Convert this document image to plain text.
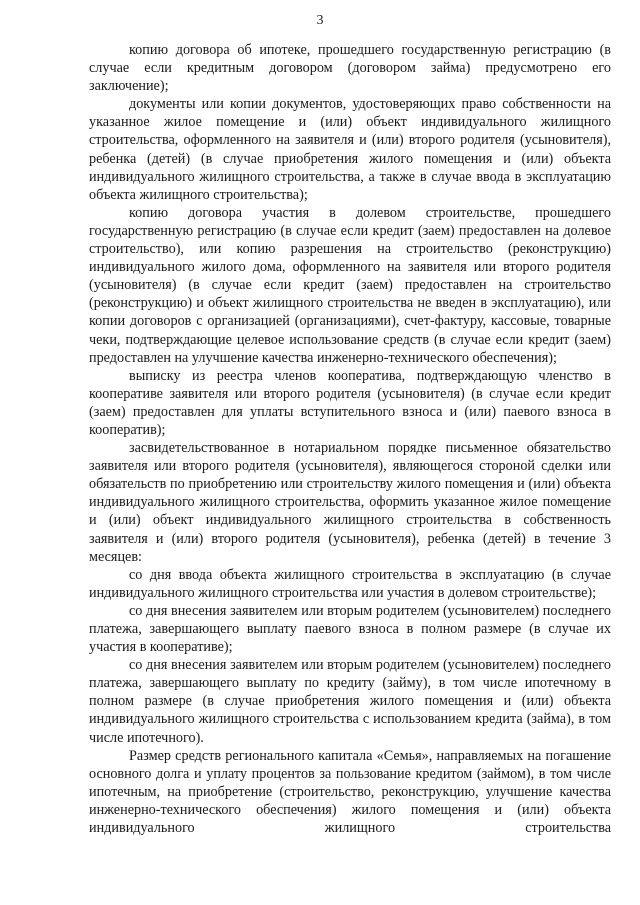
3

копию договора об ипотеке, прошедшего государственную регистрацию (в случае если кредитным договором (договором займа) предусмотрено его заключение);

документы или копии документов, удостоверяющих право собственности на указанное жилое помещение и (или) объект индивидуального жилищного строительства, оформленного на заявителя и (или) второго родителя (усыновителя), ребенка (детей) (в случае приобретения жилого помещения и (или) объекта индивидуального жилищного строительства, а также в случае ввода в эксплуатацию объекта жилищного строительства);

копию договора участия в долевом строительстве, прошедшего государственную регистрацию (в случае если кредит (заем) предоставлен на долевое строительство), или копию разрешения на строительство (реконструкцию) индивидуального жилого дома, оформленного на заявителя или второго родителя (усыновителя) (в случае если кредит (заем) предоставлен на строительство (реконструкцию) и объект жилищного строительства не введен в эксплуатацию), или копии договоров с организацией (организациями), счет-фактуру, кассовые, товарные чеки, подтверждающие целевое использование средств (в случае если кредит (заем) предоставлен на улучшение качества инженерно-технического обеспечения);

выписку из реестра членов кооператива, подтверждающую членство в кооперативе заявителя или второго родителя (усыновителя) (в случае если кредит (заем) предоставлен для уплаты вступительного взноса и (или) паевого взноса в кооператив);

засвидетельствованное в нотариальном порядке письменное обязательство заявителя или второго родителя (усыновителя), являющегося стороной сделки или обязательств по приобретению или строительству жилого помещения и (или) объекта индивидуального жилищного строительства, оформить указанное жилое помещение и (или) объект индивидуального жилищного строительства в собственность заявителя и (или) второго родителя (усыновителя), ребенка (детей) в течение 3 месяцев:

со дня ввода объекта жилищного строительства в эксплуатацию (в случае индивидуального жилищного строительства или участия в долевом строительстве);

со дня внесения заявителем или вторым родителем (усыновителем) последнего платежа, завершающего выплату паевого взноса в полном размере (в случае их участия в кооперативе);

со дня внесения заявителем или вторым родителем (усыновителем) последнего платежа, завершающего выплату по кредиту (займу), в том числе ипотечному в полном размере (в случае приобретения жилого помещения и (или) объекта индивидуального жилищного строительства с использованием кредита (займа), в том числе ипотечного).

Размер средств регионального капитала «Семья», направляемых на погашение основного долга и уплату процентов за пользование кредитом (займом), в том числе ипотечным, на приобретение (строительство, реконструкцию, улучшение качества инженерно-технического обеспечения) жилого помещения и (или) объекта индивидуального жилищного строительства
